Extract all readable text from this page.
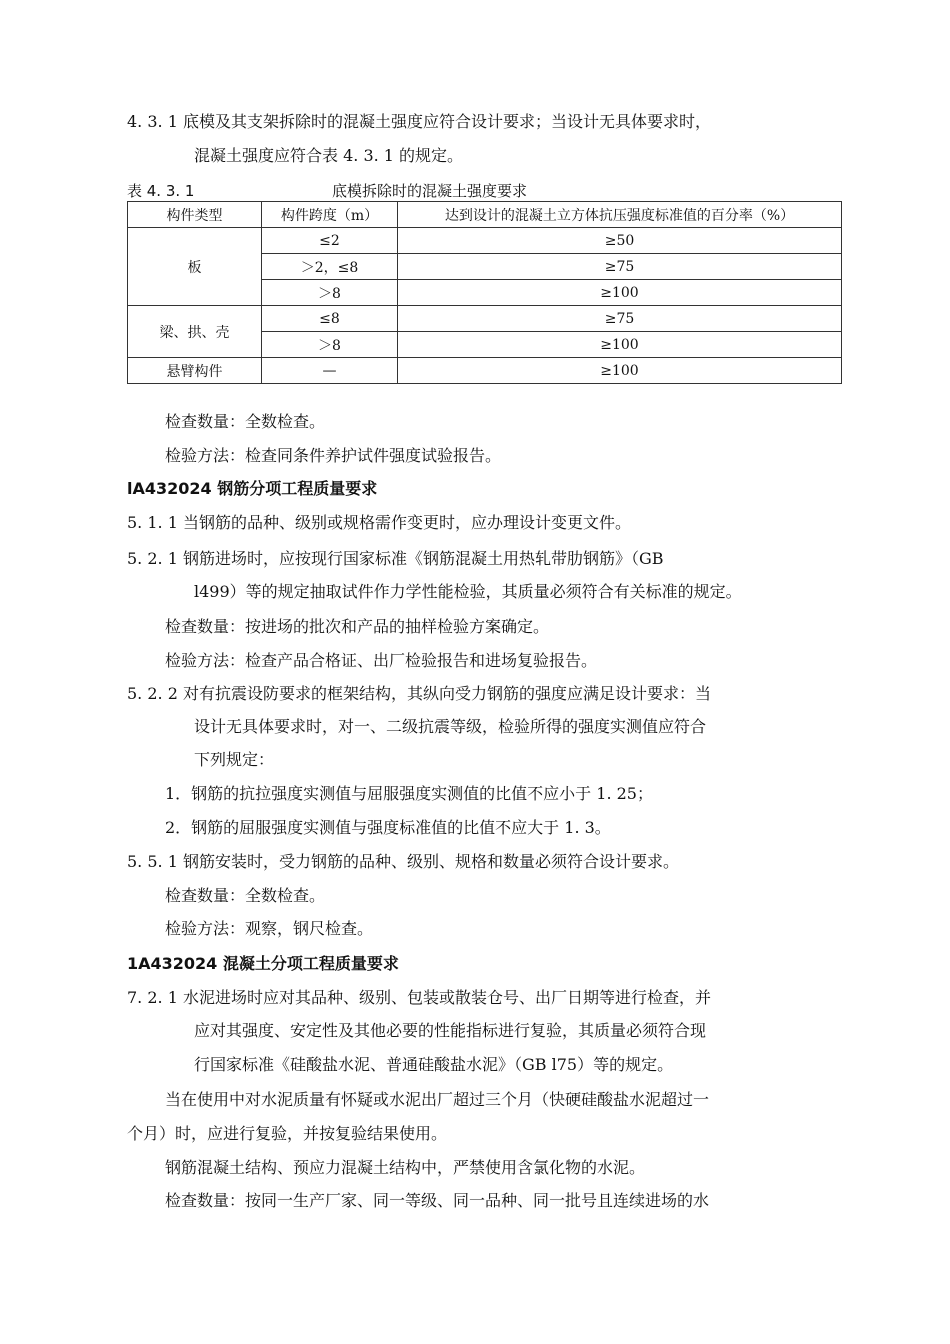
4. 3. 1 底模及其支架拆除时的混凝土强度应符合设计要求；当设计无具体要求时，
混凝土强度应符合表 4. 3. 1 的规定。
表 4. 3. 1	底模拆除时的混凝土强度要求
构件类型	构件跨度（m）	达到设计的混凝土立方体抗压强度标准值的百分率（%）
板	≤2	≥50
	＞2，≤8	≥75
	＞8	≥100
梁、拱、壳	≤8	≥75
	＞8	≥100
悬臂构件	—	≥100
检查数量：全数检查。
检验方法：检查同条件养护试件强度试验报告。
lA432024 钢筋分项工程质量要求
5. 1. 1 当钢筋的品种、级别或规格需作变更时，应办理设计变更文件。
5. 2. 1 钢筋进场时，应按现行国家标准《钢筋混凝土用热轧带肋钢筋》（GB
l499）等的规定抽取试件作力学性能检验，其质量必须符合有关标准的规定。
检查数量：按进场的批次和产品的抽样检验方案确定。
检验方法：检查产品合格证、出厂检验报告和进场复验报告。
5. 2. 2 对有抗震设防要求的框架结构，其纵向受力钢筋的强度应满足设计要求：当
设计无具体要求时，对一、二级抗震等级，检验所得的强度实测值应符合
下列规定：
1．钢筋的抗拉强度实测值与屈服强度实测值的比值不应小于 1. 25；
2．钢筋的屈服强度实测值与强度标准值的比值不应大于 1. 3。
5. 5. 1 钢筋安装时，受力钢筋的品种、级别、规格和数量必须符合设计要求。
检查数量：全数检查。
检验方法：观察，钢尺检查。
1A432024 混凝土分项工程质量要求
7. 2. 1 水泥进场时应对其品种、级别、包装或散装仓号、出厂日期等进行检查，并
应对其强度、安定性及其他必要的性能指标进行复验，其质量必须符合现
行国家标准《硅酸盐水泥、普通硅酸盐水泥》（GB l75）等的规定。
当在使用中对水泥质量有怀疑或水泥出厂超过三个月（快硬硅酸盐水泥超过一
个月）时，应进行复验，并按复验结果使用。
钢筋混凝土结构、预应力混凝土结构中，严禁使用含氯化物的水泥。
检查数量：按同一生产厂家、同一等级、同一品种、同一批号且连续进场的水
